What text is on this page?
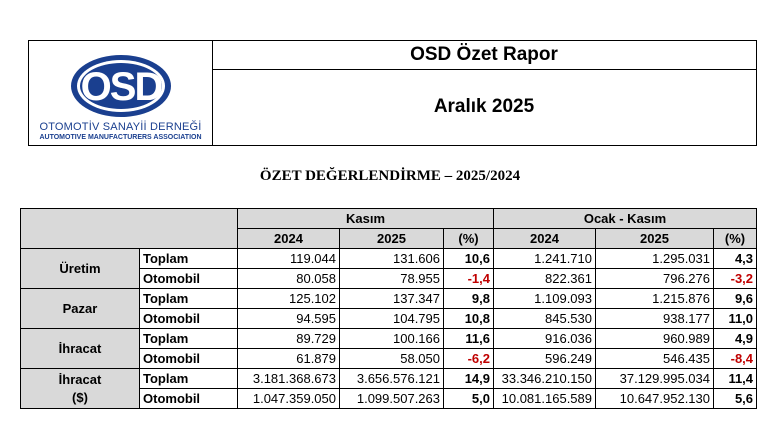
OSD
OTOMOTİV SANAYİİ DERNEĞİ
AUTOMOTIVE MANUFACTURERS ASSOCIATION
OSD Özet Rapor
Aralık 2025
ÖZET DEĞERLENDİRME – 2025/2024
		Kasım			Ocak - Kasım		
		2024	2025	(%)	2024	2025	(%)

Üretim	Toplam	119.044	131.606	10,6	1.241.710	1.295.031	4,3
	Otomobil	80.058	78.955	-1,4	822.361	796.276	-3,2

Pazar	Toplam	125.102	137.347	9,8	1.109.093	1.215.876	9,6
	Otomobil	94.595	104.795	10,8	845.530	938.177	11,0

İhracat	Toplam	89.729	100.166	11,6	916.036	960.989	4,9
	Otomobil	61.879	58.050	-6,2	596.249	546.435	-8,4

İhracat
($)	Toplam	3.181.368.673	3.656.576.121	14,9	33.346.210.150	37.129.995.034	11,4
	Otomobil	1.047.359.050	1.099.507.263	5,0	10.081.165.589	10.647.952.130	5,6
